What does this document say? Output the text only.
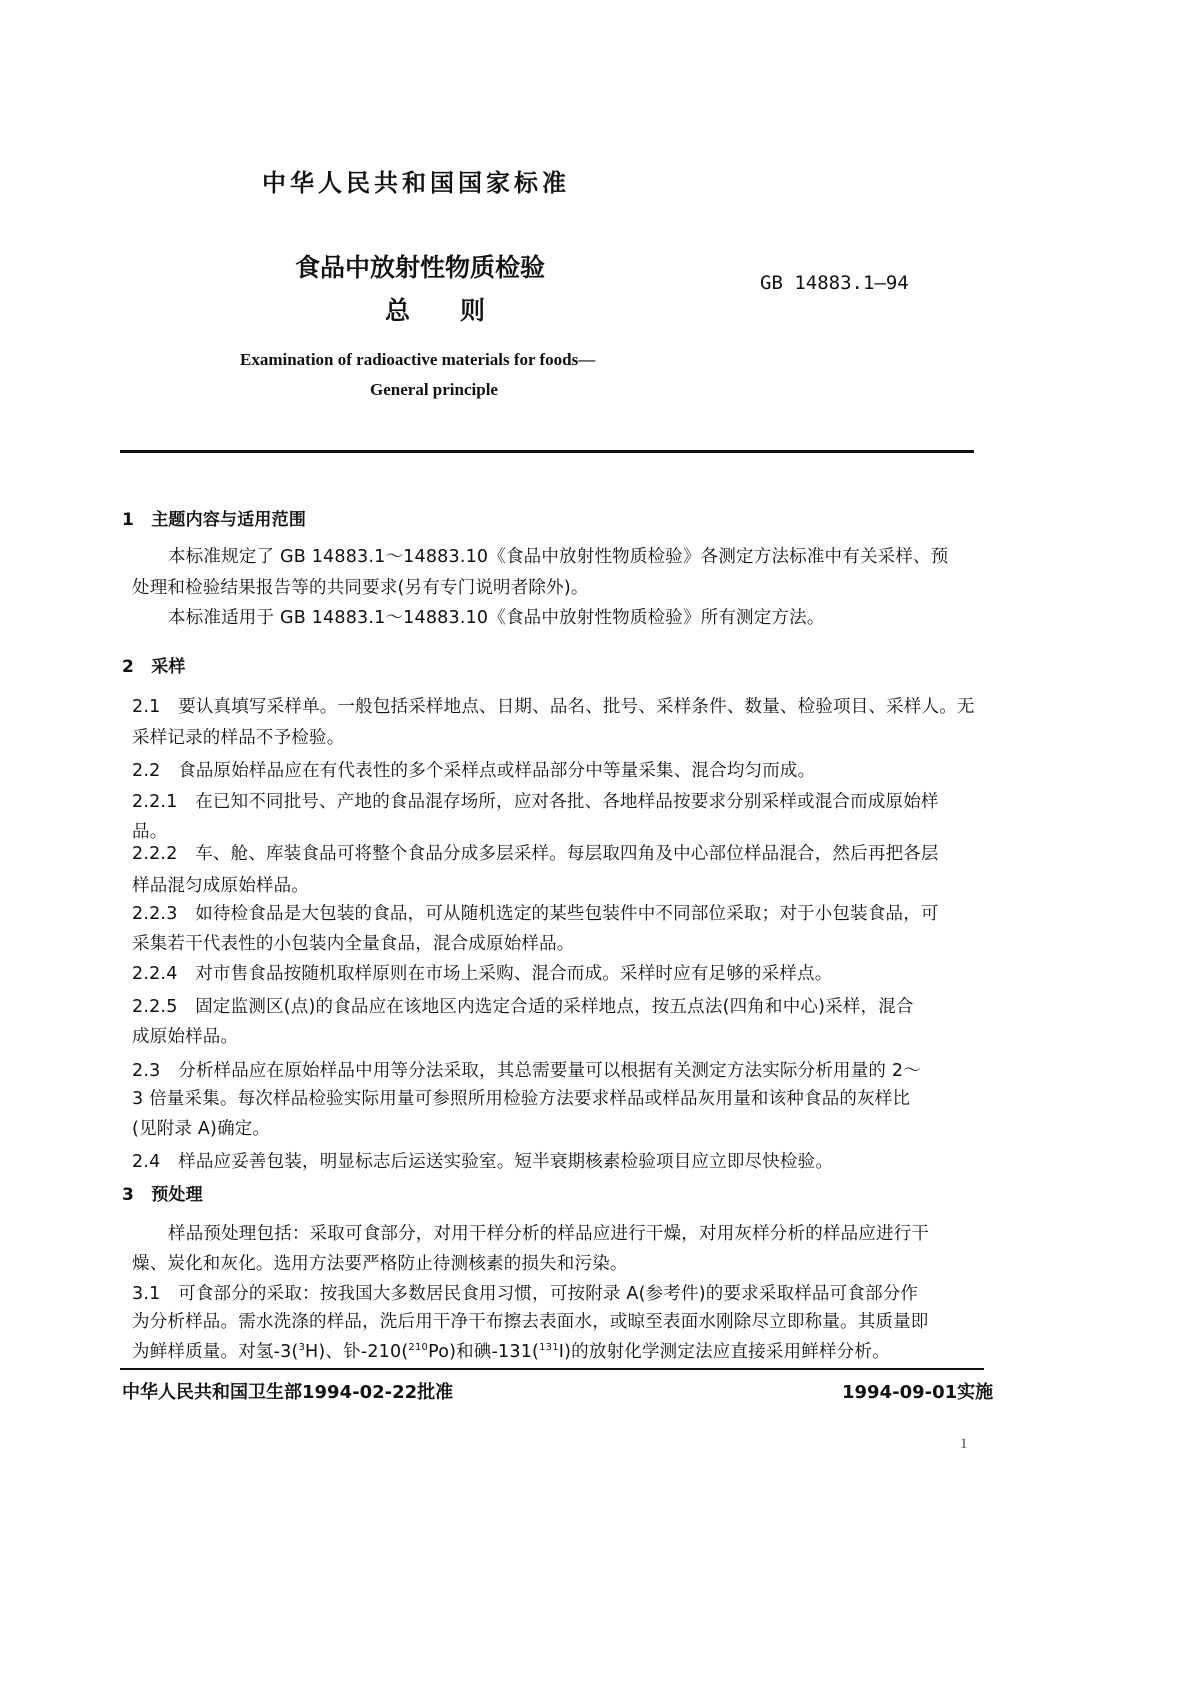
中华人民共和国国家标准
食品中放射性物质检验
总　　则
GB 14883.1—94
Examination of radioactive materials for foods—
General principle
1　主题内容与适用范围
本标准规定了 GB 14883.1～14883.10《食品中放射性物质检验》各测定方法标准中有关采样、预
处理和检验结果报告等的共同要求(另有专门说明者除外)。
本标准适用于 GB 14883.1～14883.10《食品中放射性物质检验》所有测定方法。
2　采样
2.1　要认真填写采样单。一般包括采样地点、日期、品名、批号、采样条件、数量、检验项目、采样人。无
采样记录的样品不予检验。
2.2　食品原始样品应在有代表性的多个采样点或样品部分中等量采集、混合均匀而成。
2.2.1　在已知不同批号、产地的食品混存场所，应对各批、各地样品按要求分别采样或混合而成原始样
品。
2.2.2　车、舱、库装食品可将整个食品分成多层采样。每层取四角及中心部位样品混合，然后再把各层
样品混匀成原始样品。
2.2.3　如待检食品是大包装的食品，可从随机选定的某些包装件中不同部位采取；对于小包装食品，可
采集若干代表性的小包装内全量食品，混合成原始样品。
2.2.4　对市售食品按随机取样原则在市场上采购、混合而成。采样时应有足够的采样点。
2.2.5　固定监测区(点)的食品应在该地区内选定合适的采样地点，按五点法(四角和中心)采样，混合
成原始样品。
2.3　分析样品应在原始样品中用等分法采取，其总需要量可以根据有关测定方法实际分析用量的 2～
3 倍量采集。每次样品检验实际用量可参照所用检验方法要求样品或样品灰用量和该种食品的灰样比
(见附录 A)确定。
2.4　样品应妥善包装，明显标志后运送实验室。短半衰期核素检验项目应立即尽快检验。
3　预处理
样品预处理包括：采取可食部分，对用干样分析的样品应进行干燥，对用灰样分析的样品应进行干
燥、炭化和灰化。选用方法要严格防止待测核素的损失和污染。
3.1　可食部分的采取：按我国大多数居民食用习惯，可按附录 A(参考件)的要求采取样品可食部分作
为分析样品。需水洗涤的样品，洗后用干净干布擦去表面水，或晾至表面水刚除尽立即称量。其质量即
为鲜样质量。对氢-3($^3$H)、钋-210($^{210}$Po)和碘-131($^{131}$I)的放射化学测定法应直接采用鲜样分析。
中华人民共和国卫生部1994-02-22批准	1994-09-01实施
1
